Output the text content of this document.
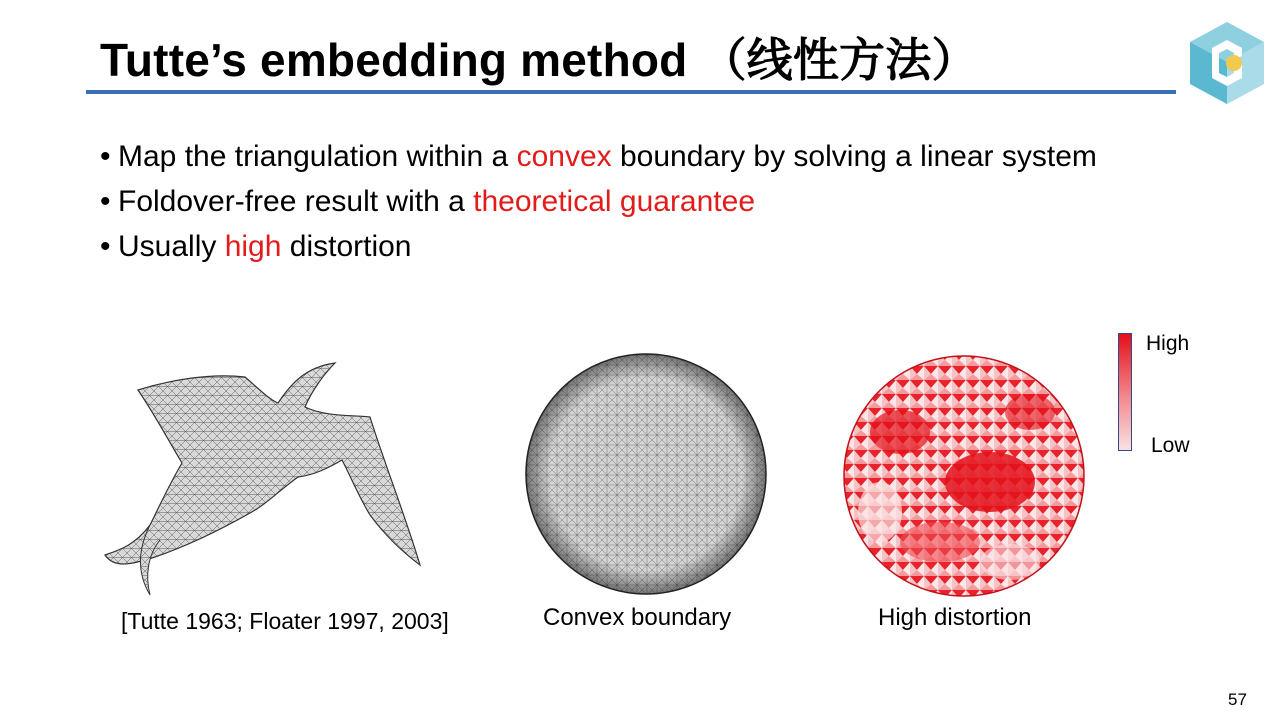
Tutte’s embedding method （线性方法）
• Map the triangulation within a convex boundary by solving a linear system
• Foldover-free result with a theoretical guarantee
• Usually high distortion
[Tutte 1963; Floater 1997, 2003]	Convex boundary	High distortion
High
Low
57
